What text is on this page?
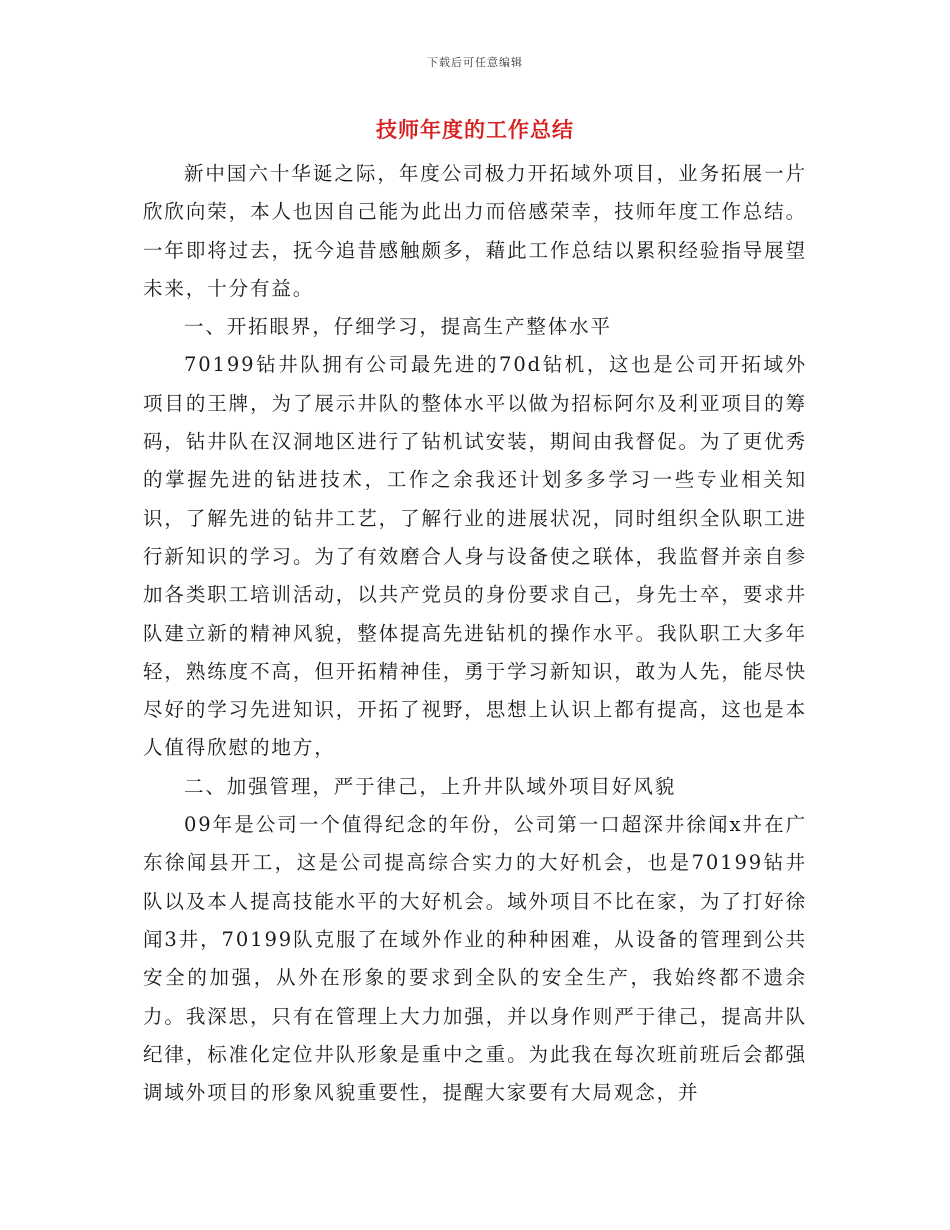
下载后可任意编辑
技师年度的工作总结

新中国六十华诞之际，年度公司极力开拓域外项目，业务拓展一片欣欣向荣，本人也因自己能为此出力而倍感荣幸，技师年度工作总结。一年即将过去，抚今追昔感触颇多，藉此工作总结以累积经验指导展望未来，十分有益。

一、开拓眼界，仔细学习，提高生产整体水平

70199钻井队拥有公司最先进的70d钻机，这也是公司开拓域外项目的王牌，为了展示井队的整体水平以做为招标阿尔及利亚项目的筹码，钻井队在汉洞地区进行了钻机试安装，期间由我督促。为了更优秀的掌握先进的钻进技术，工作之余我还计划多多学习一些专业相关知识，了解先进的钻井工艺，了解行业的进展状况，同时组织全队职工进行新知识的学习。为了有效磨合人身与设备使之联体，我监督并亲自参加各类职工培训活动，以共产党员的身份要求自己，身先士卒，要求井队建立新的精神风貌，整体提高先进钻机的操作水平。我队职工大多年轻，熟练度不高，但开拓精神佳，勇于学习新知识，敢为人先，能尽快尽好的学习先进知识，开拓了视野，思想上认识上都有提高，这也是本人值得欣慰的地方，

二、加强管理，严于律己，上升井队域外项目好风貌

09年是公司一个值得纪念的年份，公司第一口超深井徐闻x井在广东徐闻县开工，这是公司提高综合实力的大好机会，也是70199钻井队以及本人提高技能水平的大好机会。域外项目不比在家，为了打好徐闻3井，70199队克服了在域外作业的种种困难，从设备的管理到公共安全的加强，从外在形象的要求到全队的安全生产，我始终都不遗余力。我深思，只有在管理上大力加强，并以身作则严于律己，提高井队纪律，标准化定位井队形象是重中之重。为此我在每次班前班后会都强调域外项目的形象风貌重要性，提醒大家要有大局观念，并
